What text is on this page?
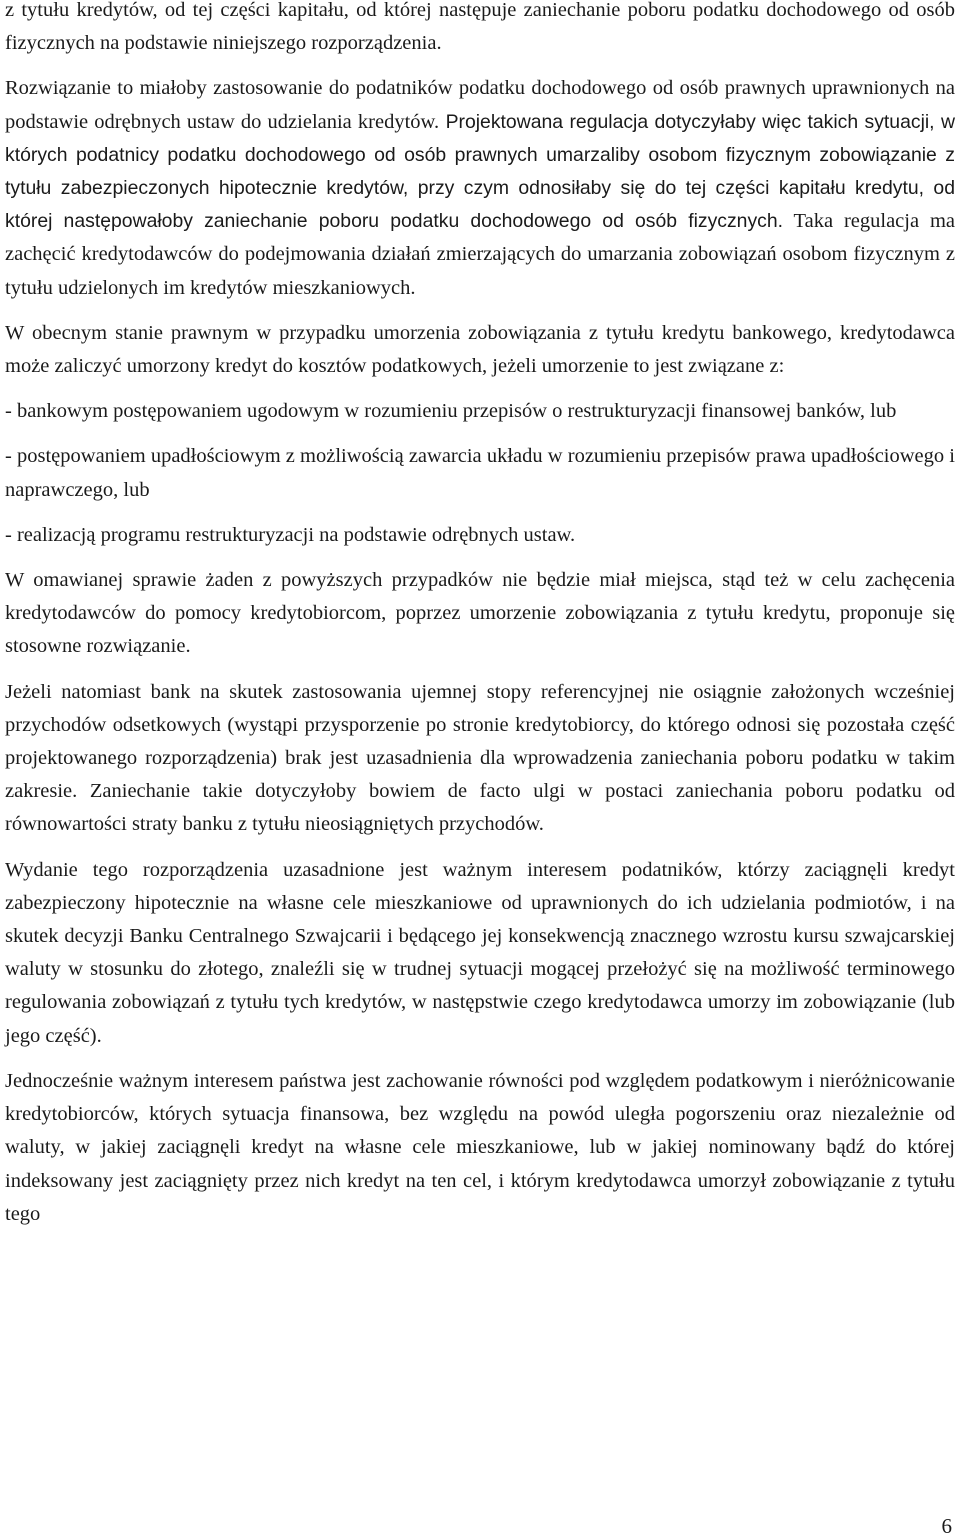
z tytułu kredytów, od tej części kapitału, od której następuje zaniechanie poboru podatku dochodowego od osób fizycznych na podstawie niniejszego rozporządzenia.

Rozwiązanie to miałoby zastosowanie do podatników podatku dochodowego od osób prawnych uprawnionych na podstawie odrębnych ustaw do udzielania kredytów. Projektowana regulacja dotyczyłaby więc takich sytuacji, w których podatnicy podatku dochodowego od osób prawnych umarzaliby osobom fizycznym zobowiązanie z tytułu zabezpieczonych hipotecznie kredytów, przy czym odnosiłaby się do tej części kapitału kredytu, od której następowałoby zaniechanie poboru podatku dochodowego od osób fizycznych. Taka regulacja ma zachęcić kredytodawców do podejmowania działań zmierzających do umarzania zobowiązań osobom fizycznym z tytułu udzielonych im kredytów mieszkaniowych.

W obecnym stanie prawnym w przypadku umorzenia zobowiązania z tytułu kredytu bankowego, kredytodawca może zaliczyć umorzony kredyt do kosztów podatkowych, jeżeli umorzenie to jest związane z:

- bankowym postępowaniem ugodowym w rozumieniu przepisów o restrukturyzacji finansowej banków, lub

- postępowaniem upadłościowym z możliwością zawarcia układu w rozumieniu przepisów prawa upadłościowego i naprawczego, lub

- realizacją programu restrukturyzacji na podstawie odrębnych ustaw.

W omawianej sprawie żaden z powyższych przypadków nie będzie miał miejsca, stąd też w celu zachęcenia kredytodawców do pomocy kredytobiorcom, poprzez umorzenie zobowiązania z tytułu kredytu, proponuje się stosowne rozwiązanie.

Jeżeli natomiast bank na skutek zastosowania ujemnej stopy referencyjnej nie osiągnie założonych wcześniej przychodów odsetkowych (wystąpi przysporzenie po stronie kredytobiorcy, do którego odnosi się pozostała część projektowanego rozporządzenia) brak jest uzasadnienia dla wprowadzenia zaniechania poboru podatku w takim zakresie. Zaniechanie takie dotyczyłoby bowiem de facto ulgi w postaci zaniechania poboru podatku od równowartości straty banku z tytułu nieosiągniętych przychodów.

Wydanie tego rozporządzenia uzasadnione jest ważnym interesem podatników, którzy zaciągnęli kredyt zabezpieczony hipotecznie na własne cele mieszkaniowe od uprawnionych do ich udzielania podmiotów, i na skutek decyzji Banku Centralnego Szwajcarii i będącego jej konsekwencją znacznego wzrostu kursu szwajcarskiej waluty w stosunku do złotego, znaleźli się w trudnej sytuacji mogącej przełożyć się na możliwość terminowego regulowania zobowiązań z tytułu tych kredytów, w następstwie czego kredytodawca umorzy im zobowiązanie (lub jego część).

Jednocześnie ważnym interesem państwa jest zachowanie równości pod względem podatkowym i nieróżnicowanie kredytobiorców, których sytuacja finansowa, bez względu na powód uległa pogorszeniu oraz niezależnie od waluty, w jakiej zaciągnęli kredyt na własne cele mieszkaniowe, lub w jakiej nominowany bądź do której indeksowany jest zaciągnięty przez nich kredyt na ten cel, i którym kredytodawca umorzył zobowiązanie z tytułu tego

6
